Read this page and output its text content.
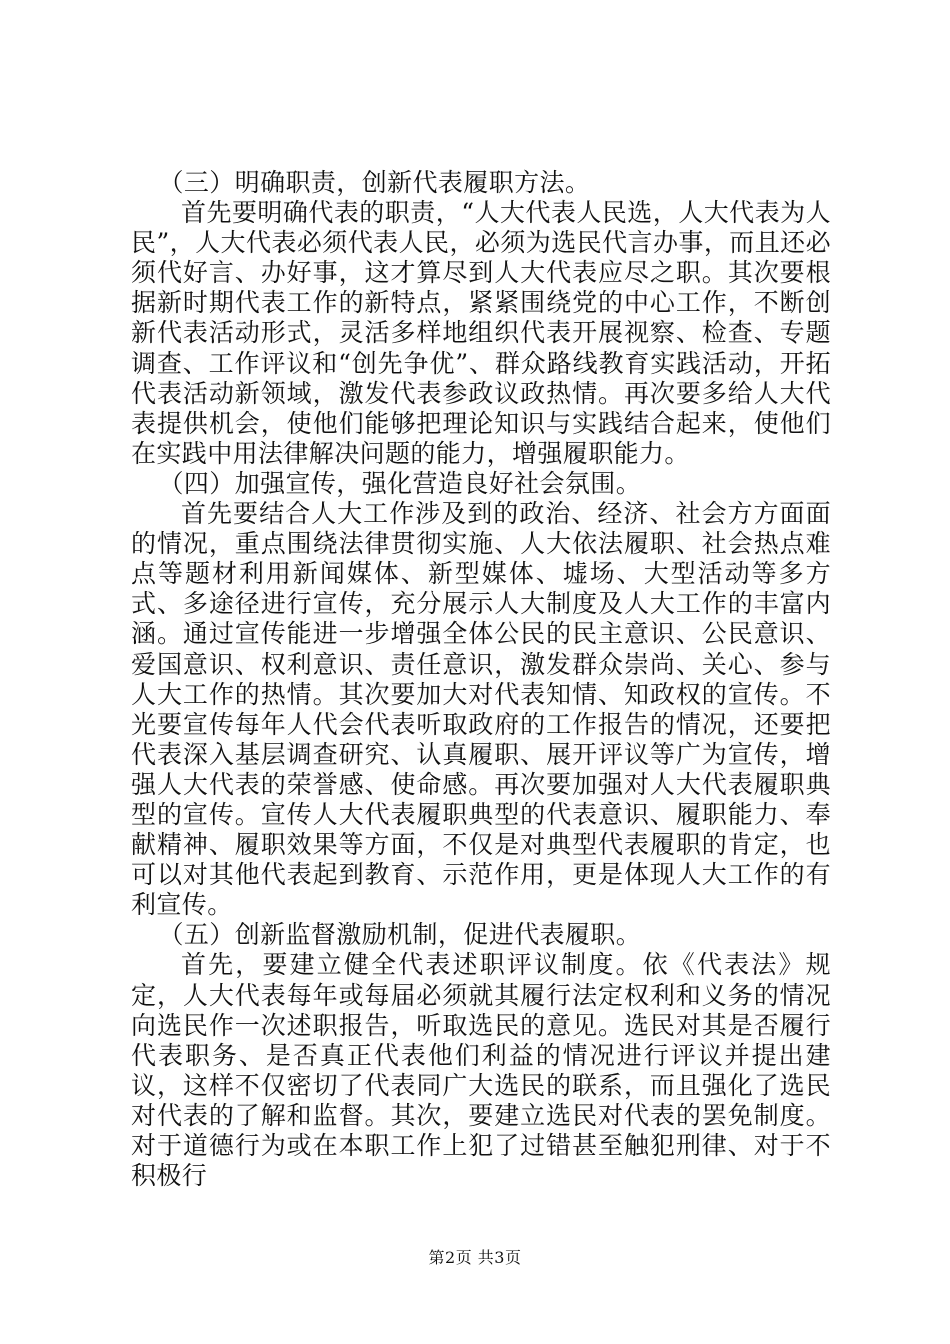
（三）明确职责，创新代表履职方法。

首先要明确代表的职责，“人大代表人民选，人大代表为人民”，人大代表必须代表人民，必须为选民代言办事，而且还必须代好言、办好事，这才算尽到人大代表应尽之职。其次要根据新时期代表工作的新特点，紧紧围绕党的中心工作，不断创新代表活动形式，灵活多样地组织代表开展视察、检查、专题调查、工作评议和“创先争优”、群众路线教育实践活动，开拓代表活动新领域，激发代表参政议政热情。再次要多给人大代表提供机会，使他们能够把理论知识与实践结合起来，使他们在实践中用法律解决问题的能力，增强履职能力。

（四）加强宣传，强化营造良好社会氛围。

首先要结合人大工作涉及到的政治、经济、社会方方面面的情况，重点围绕法律贯彻实施、人大依法履职、社会热点难点等题材利用新闻媒体、新型媒体、墟场、大型活动等多方式、多途径进行宣传，充分展示人大制度及人大工作的丰富内涵。通过宣传能进一步增强全体公民的民主意识、公民意识、爱国意识、权利意识、责任意识，激发群众崇尚、关心、参与人大工作的热情。其次要加大对代表知情、知政权的宣传。不光要宣传每年人代会代表听取政府的工作报告的情况，还要把代表深入基层调查研究、认真履职、展开评议等广为宣传，增强人大代表的荣誉感、使命感。再次要加强对人大代表履职典型的宣传。宣传人大代表履职典型的代表意识、履职能力、奉献精神、履职效果等方面，不仅是对典型代表履职的肯定，也可以对其他代表起到教育、示范作用，更是体现人大工作的有利宣传。

（五）创新监督激励机制，促进代表履职。

首先，要建立健全代表述职评议制度。依《代表法》规定，人大代表每年或每届必须就其履行法定权利和义务的情况向选民作一次述职报告，听取选民的意见。选民对其是否履行代表职务、是否真正代表他们利益的情况进行评议并提出建议，这样不仅密切了代表同广大选民的联系，而且强化了选民对代表的了解和监督。其次，要建立选民对代表的罢免制度。对于道德行为或在本职工作上犯了过错甚至触犯刑律、对于不积极行

第2页 共3页
